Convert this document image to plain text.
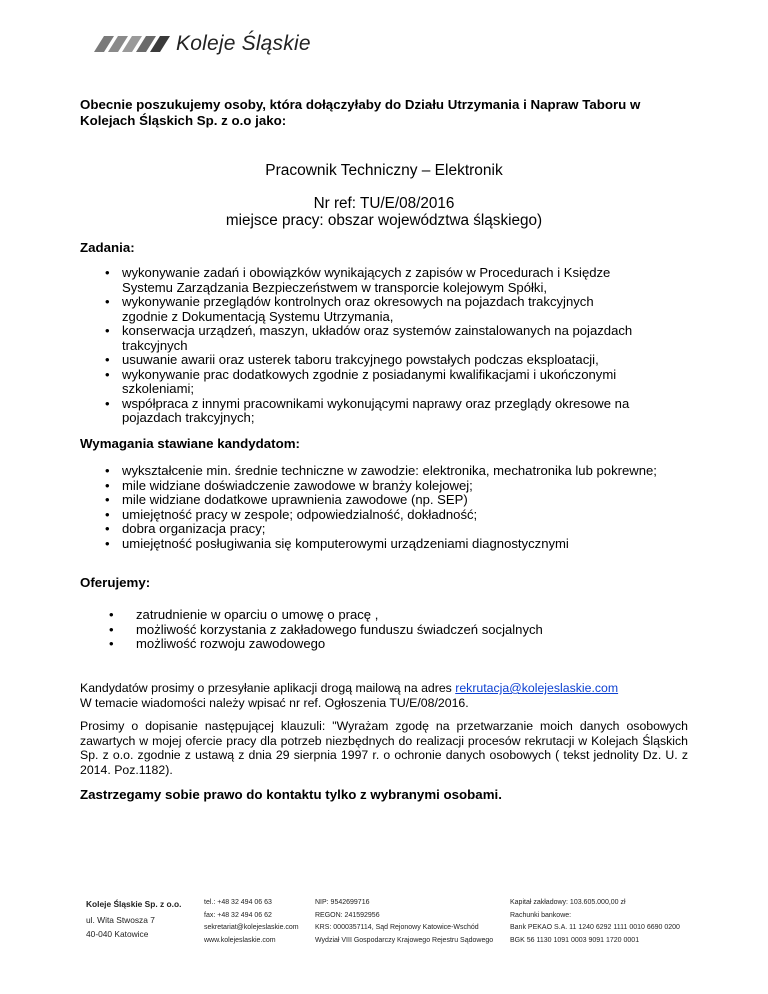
Koleje Śląskie
Obecnie poszukujemy osoby, która dołączyłaby do Działu Utrzymania i Napraw Taboru w Kolejach Śląskich Sp. z o.o jako:
Pracownik Techniczny – Elektronik
Nr ref: TU/E/08/2016
miejsce pracy: obszar województwa śląskiego)
Zadania:
• wykonywanie zadań i obowiązków wynikających z zapisów w Procedurach i Księdze Systemu Zarządzania Bezpieczeństwem w transporcie kolejowym Spółki,
• wykonywanie przeglądów kontrolnych oraz okresowych na pojazdach trakcyjnych zgodnie z Dokumentacją Systemu Utrzymania,
• konserwacja urządzeń, maszyn, układów oraz systemów zainstalowanych na pojazdach trakcyjnych
• usuwanie awarii oraz usterek taboru trakcyjnego powstałych podczas eksploatacji,
• wykonywanie prac dodatkowych zgodnie z posiadanymi kwalifikacjami i ukończonymi szkoleniami;
• współpraca z innymi pracownikami wykonującymi naprawy oraz przeglądy okresowe na pojazdach trakcyjnych;
Wymagania stawiane kandydatom:
• wykształcenie min. średnie techniczne w zawodzie: elektronika, mechatronika lub pokrewne;
• mile widziane doświadczenie zawodowe w branży kolejowej;
• mile widziane dodatkowe uprawnienia zawodowe (np. SEP)
• umiejętność pracy w zespole; odpowiedzialność, dokładność;
• dobra organizacja pracy;
• umiejętność posługiwania się komputerowymi urządzeniami diagnostycznymi
Oferujemy:
• zatrudnienie w oparciu o umowę o pracę ,
• możliwość korzystania z zakładowego funduszu świadczeń socjalnych
• możliwość rozwoju zawodowego
Kandydatów prosimy o przesyłanie aplikacji drogą mailową na adres rekrutacja@kolejeslaskie.com
W temacie wiadomości należy wpisać nr ref. Ogłoszenia TU/E/08/2016.
Prosimy o dopisanie następującej klauzuli: "Wyrażam zgodę na przetwarzanie moich danych osobowych zawartych w mojej ofercie pracy dla potrzeb niezbędnych do realizacji procesów rekrutacji w Kolejach Śląskich Sp. z o.o. zgodnie z ustawą z dnia 29 sierpnia 1997 r. o ochronie danych osobowych ( tekst jednolity Dz. U. z 2014. Poz.1182).
Zastrzegamy sobie prawo do kontaktu tylko z wybranymi osobami.
Koleje Śląskie Sp. z o.o.
ul. Wita Stwosza 7
40-040 Katowice
tel.: +48 32 494 06 63
fax: +48 32 494 06 62
sekretariat@kolejeslaskie.com
www.kolejeslaskie.com
NIP: 9542699716
REGON: 241592956
KRS: 0000357114, Sąd Rejonowy Katowice-Wschód
Wydział VIII Gospodarczy Krajowego Rejestru Sądowego
Kapitał zakładowy: 103.605.000,00 zł
Rachunki bankowe:
Bank PEKAO S.A. 11 1240 6292 1111 0010 6690 0200
BGK 56 1130 1091 0003 9091 1720 0001
